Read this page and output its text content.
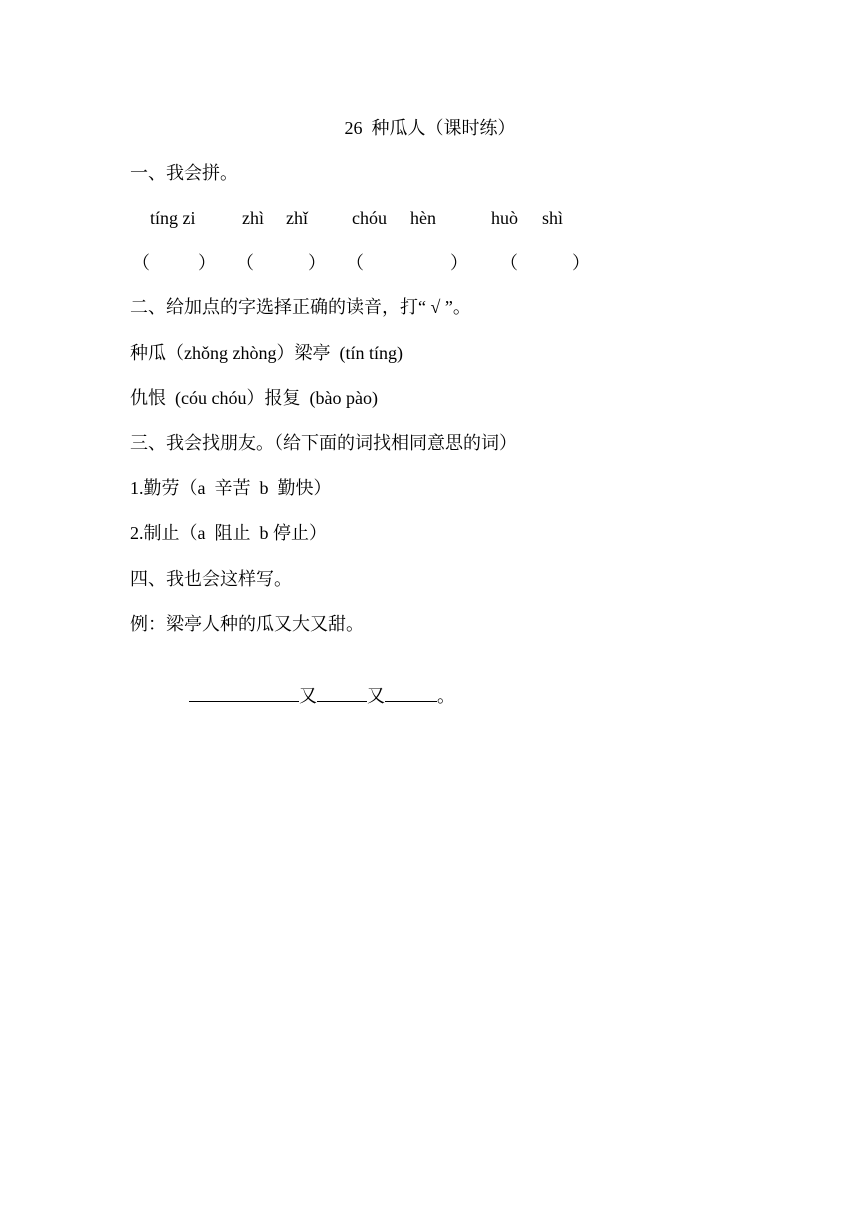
26  种瓜人（课时练）
一、我会拼。
tíng zi	zhì zhǐ chóu hèn	huò shì
（	） （	） （	） （	）
二、给加点的字选择正确的读音，打“ √ ”。
种瓜（zhǒng zhòng）梁亭  (tín tíng)
仇恨  (cóu chóu）报复  (bào pào)
三、我会找朋友。（给下面的词找相同意思的词）
1.勤劳（a  辛苦  b  勤快）
2.制止（a  阻止  b 停止）
四、我也会这样写。
例：梁亭人种的瓜又大又甜。

又	又	。
